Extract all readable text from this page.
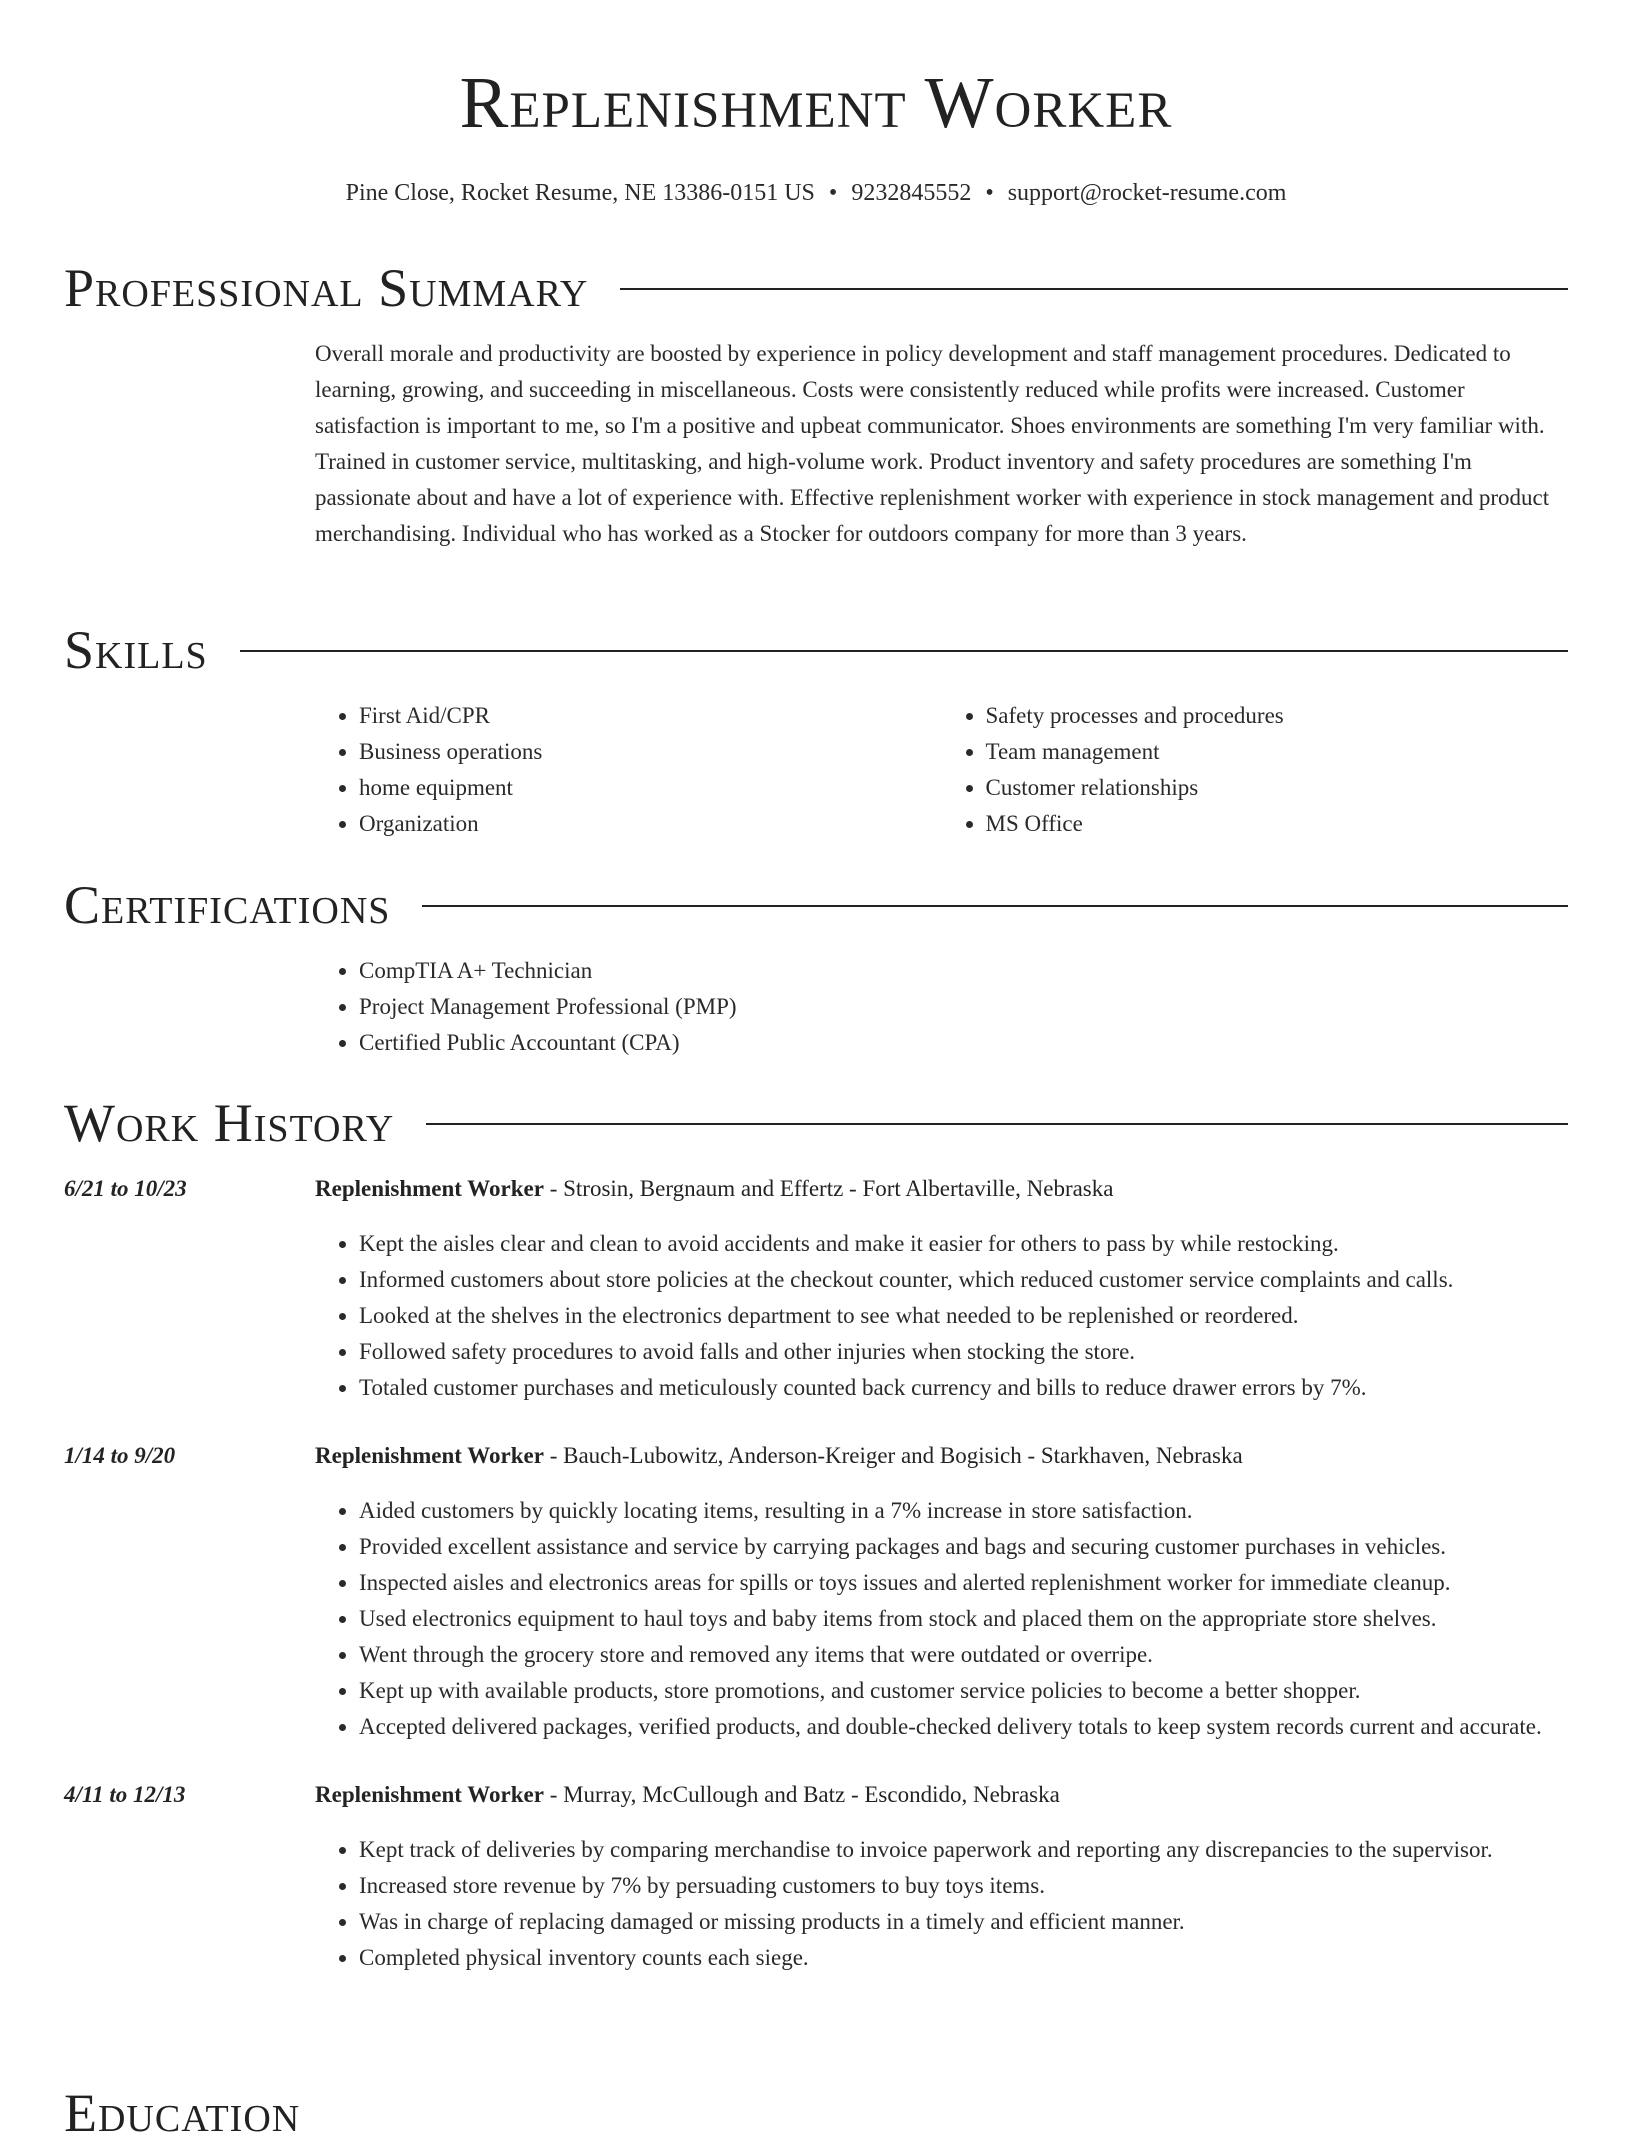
Replenishment Worker
Pine Close, Rocket Resume, NE 13386-0151 US • 9232845552 • support@rocket-resume.com
Professional Summary
Overall morale and productivity are boosted by experience in policy development and staff management procedures. Dedicated to learning, growing, and succeeding in miscellaneous. Costs were consistently reduced while profits were increased. Customer satisfaction is important to me, so I'm a positive and upbeat communicator. Shoes environments are something I'm very familiar with. Trained in customer service, multitasking, and high-volume work. Product inventory and safety procedures are something I'm passionate about and have a lot of experience with. Effective replenishment worker with experience in stock management and product merchandising. Individual who has worked as a Stocker for outdoors company for more than 3 years.
Skills
• First Aid/CPR
• Business operations
• home equipment
• Organization
• Safety processes and procedures
• Team management
• Customer relationships
• MS Office
Certifications
• CompTIA A+ Technician
• Project Management Professional (PMP)
• Certified Public Accountant (CPA)
Work History
6/21 to 10/23	Replenishment Worker - Strosin, Bergnaum and Effertz - Fort Albertaville, Nebraska
• Kept the aisles clear and clean to avoid accidents and make it easier for others to pass by while restocking.
• Informed customers about store policies at the checkout counter, which reduced customer service complaints and calls.
• Looked at the shelves in the electronics department to see what needed to be replenished or reordered.
• Followed safety procedures to avoid falls and other injuries when stocking the store.
• Totaled customer purchases and meticulously counted back currency and bills to reduce drawer errors by 7%.
1/14 to 9/20	Replenishment Worker - Bauch-Lubowitz, Anderson-Kreiger and Bogisich - Starkhaven, Nebraska
• Aided customers by quickly locating items, resulting in a 7% increase in store satisfaction.
• Provided excellent assistance and service by carrying packages and bags and securing customer purchases in vehicles.
• Inspected aisles and electronics areas for spills or toys issues and alerted replenishment worker for immediate cleanup.
• Used electronics equipment to haul toys and baby items from stock and placed them on the appropriate store shelves.
• Went through the grocery store and removed any items that were outdated or overripe.
• Kept up with available products, store promotions, and customer service policies to become a better shopper.
• Accepted delivered packages, verified products, and double-checked delivery totals to keep system records current and accurate.
4/11 to 12/13	Replenishment Worker - Murray, McCullough and Batz - Escondido, Nebraska
• Kept track of deliveries by comparing merchandise to invoice paperwork and reporting any discrepancies to the supervisor.
• Increased store revenue by 7% by persuading customers to buy toys items.
• Was in charge of replacing damaged or missing products in a timely and efficient manner.
• Completed physical inventory counts each siege.
Education
